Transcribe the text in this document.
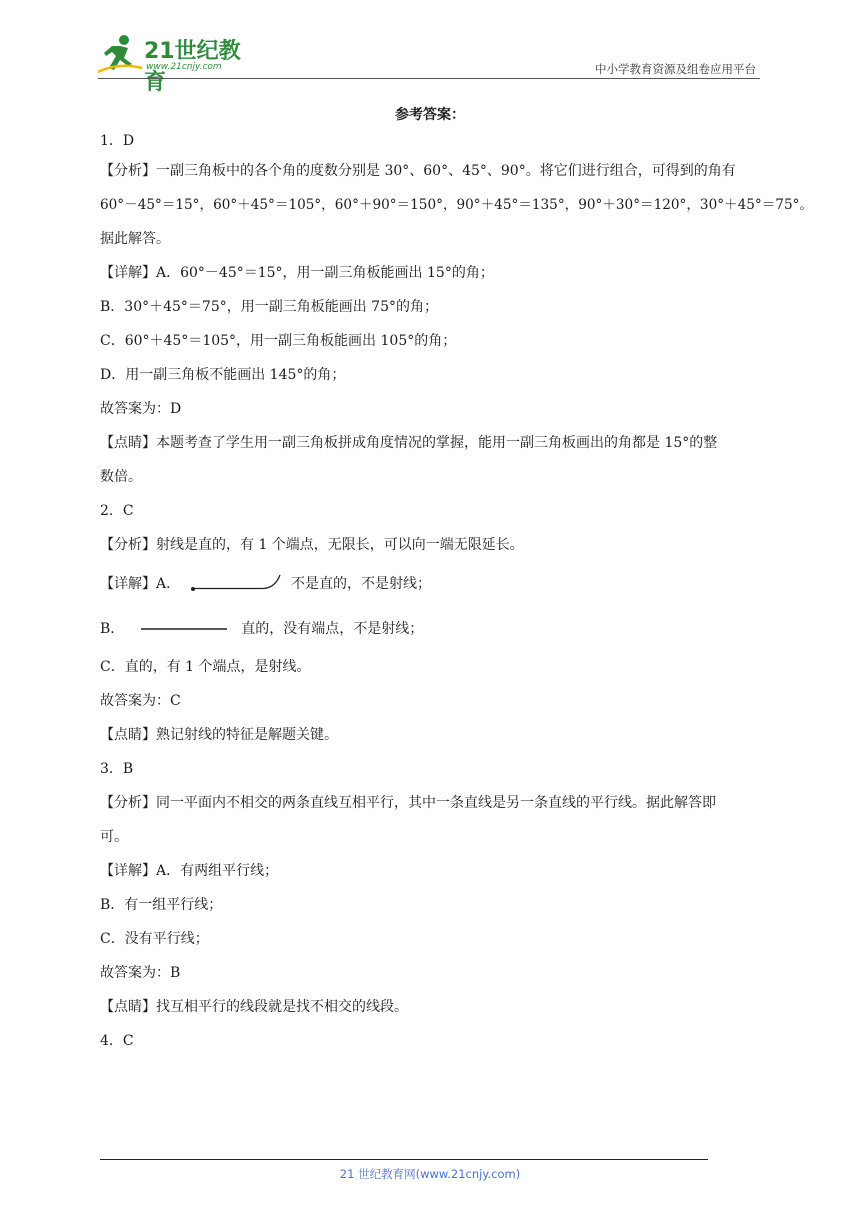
21世纪教育
www.21cnjy.com	中小学教育资源及组卷应用平台
参考答案：
1．D
【分析】一副三角板中的各个角的度数分别是 30°、60°、45°、90°。将它们进行组合，可得到的角有
60°－45°＝15°，60°＋45°＝105°，60°＋90°＝150°，90°＋45°＝135°，90°＋30°＝120°，30°＋45°＝75°。
据此解答。
【详解】A．60°－45°＝15°，用一副三角板能画出 15°的角；
B．30°＋45°＝75°，用一副三角板能画出 75°的角；
C．60°＋45°＝105°，用一副三角板能画出 105°的角；
D．用一副三角板不能画出 145°的角；
故答案为：D
【点睛】本题考查了学生用一副三角板拼成角度情况的掌握，能用一副三角板画出的角都是 15°的整
数倍。
2．C
【分析】射线是直的，有 1 个端点，无限长，可以向一端无限延长。
【详解】A．	不是直的，不是射线；
B．	直的，没有端点，不是射线；
C．直的，有 1 个端点，是射线。
故答案为：C
【点睛】熟记射线的特征是解题关键。
3．B
【分析】同一平面内不相交的两条直线互相平行，其中一条直线是另一条直线的平行线。据此解答即
可。
【详解】A．有两组平行线；
B．有一组平行线；
C．没有平行线；
故答案为：B
【点睛】找互相平行的线段就是找不相交的线段。
4．C
21 世纪教育网(www.21cnjy.com)
